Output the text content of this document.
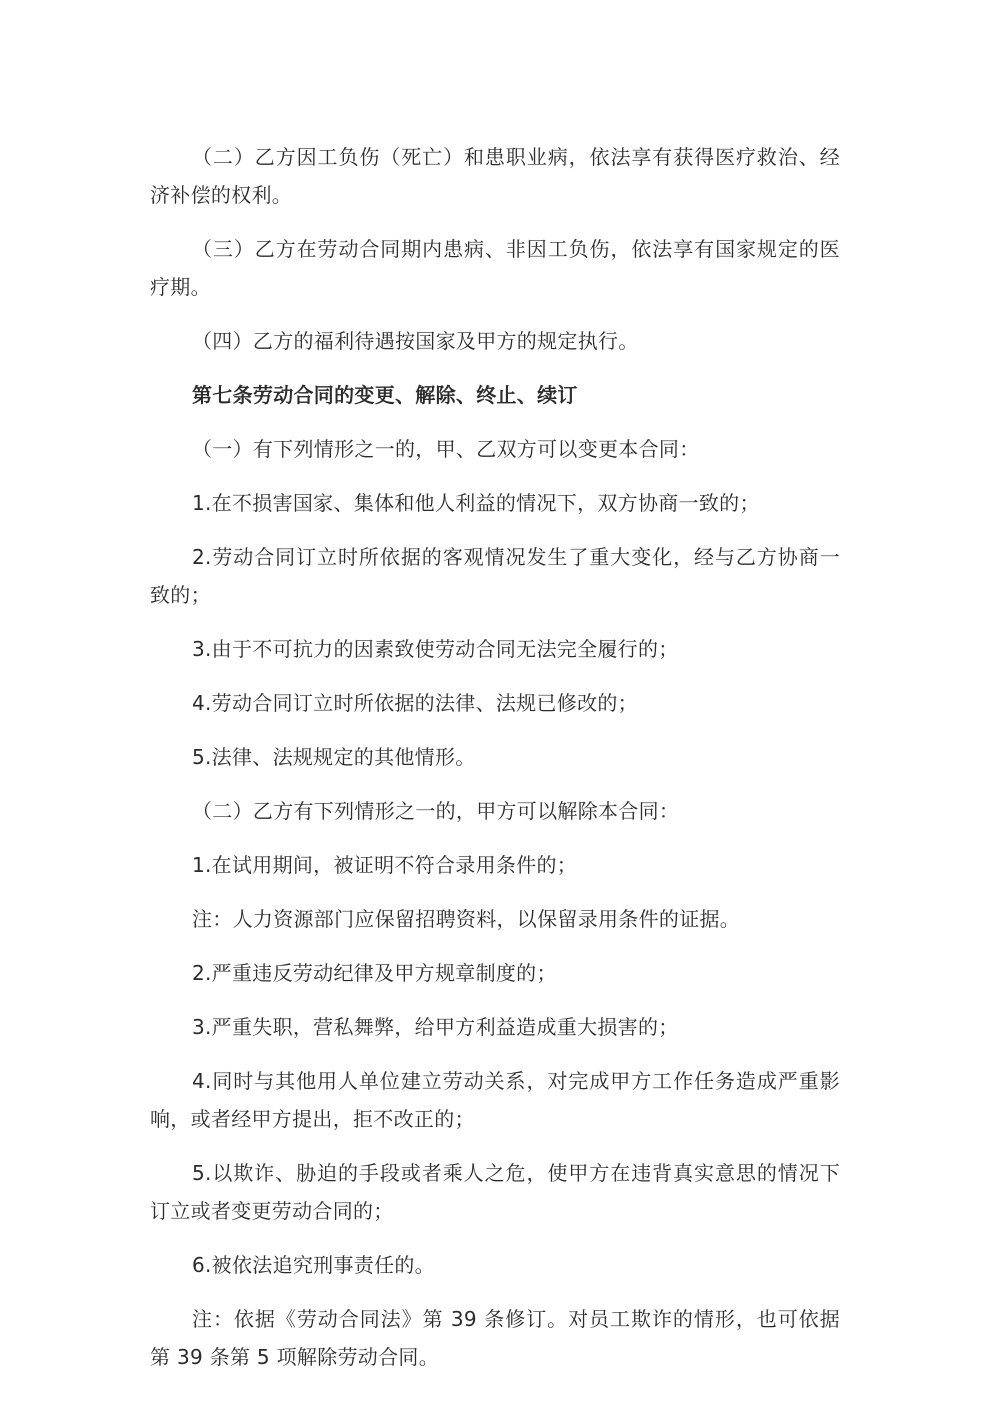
（二）乙方因工负伤（死亡）和患职业病，依法享有获得医疗救治、经济补偿的权利。

（三）乙方在劳动合同期内患病、非因工负伤，依法享有国家规定的医疗期。

（四）乙方的福利待遇按国家及甲方的规定执行。

第七条劳动合同的变更、解除、终止、续订

（一）有下列情形之一的，甲、乙双方可以变更本合同：

1.在不损害国家、集体和他人利益的情况下，双方协商一致的；

2.劳动合同订立时所依据的客观情况发生了重大变化，经与乙方协商一致的；

3.由于不可抗力的因素致使劳动合同无法完全履行的；

4.劳动合同订立时所依据的法律、法规已修改的；

5.法律、法规规定的其他情形。

（二）乙方有下列情形之一的，甲方可以解除本合同：

1.在试用期间，被证明不符合录用条件的；

注：人力资源部门应保留招聘资料，以保留录用条件的证据。

2.严重违反劳动纪律及甲方规章制度的；

3.严重失职，营私舞弊，给甲方利益造成重大损害的；

4.同时与其他用人单位建立劳动关系，对完成甲方工作任务造成严重影响，或者经甲方提出，拒不改正的；

5.以欺诈、胁迫的手段或者乘人之危，使甲方在违背真实意思的情况下订立或者变更劳动合同的；

6.被依法追究刑事责任的。

注：依据《劳动合同法》第 39 条修订。对员工欺诈的情形，也可依据第 39 条第 5 项解除劳动合同。
